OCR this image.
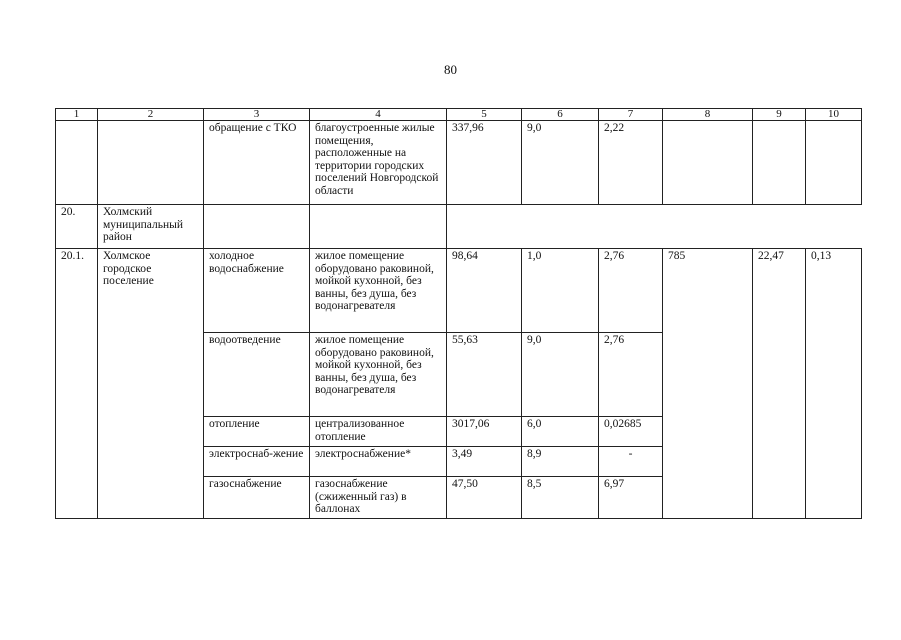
80
1	2	3	4	5	6	7	8	9	10
		обращение с ТКО	благоустроенные жилые помещения, расположенные на территории городских поселений Новгородской области	337,96	9,0	2,22			
20.	Холмский муниципальный район								
20.1.	Холмское городское поселение	холодное водоснабжение	жилое помещение оборудовано раковиной, мойкой кухонной, без ванны, без душа, без водонагревателя	98,64	1,0	2,76	785	22,47	0,13
		водоотведение	жилое помещение оборудовано раковиной, мойкой кухонной, без ванны, без душа, без водонагревателя	55,63	9,0	2,76			
		отопление	централизованное отопление	3017,06	6,0	0,02685			
		электроснаб-жение	электроснабжение*	3,49	8,9	-			
		газоснабжение	газоснабжение (сжиженный газ) в баллонах	47,50	8,5	6,97			
